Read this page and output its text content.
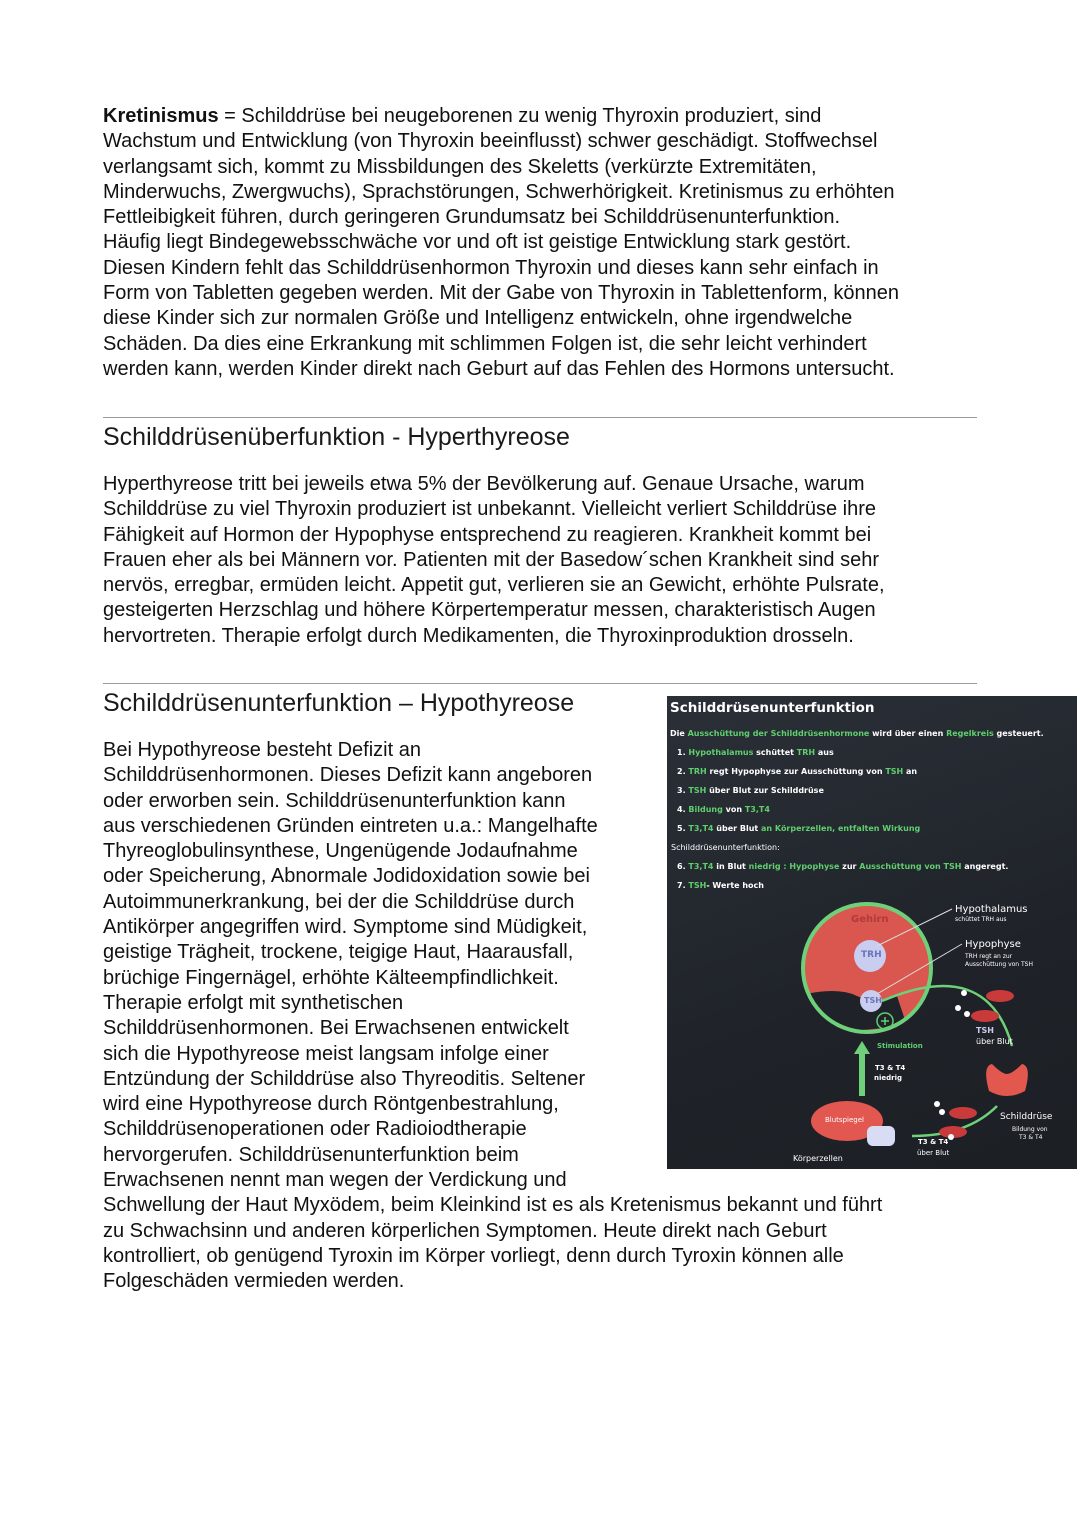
Kretinismus = Schilddrüse bei neugeborenen zu wenig Thyroxin produziert, sind
Wachstum und Entwicklung (von Thyroxin beeinflusst) schwer geschädigt. Stoffwechsel
verlangsamt sich, kommt zu Missbildungen des Skeletts (verkürzte Extremitäten,
Minderwuchs, Zwergwuchs), Sprachstörungen, Schwerhörigkeit. Kretinismus zu erhöhten
Fettleibigkeit führen, durch geringeren Grundumsatz bei Schilddrüsenunterfunktion.
Häufig liegt Bindegewebsschwäche vor und oft ist geistige Entwicklung stark gestört.
Diesen Kindern fehlt das Schilddrüsenhormon Thyroxin und dieses kann sehr einfach in
Form von Tabletten gegeben werden. Mit der Gabe von Thyroxin in Tablettenform, können
diese Kinder sich zur normalen Größe und Intelligenz entwickeln, ohne irgendwelche
Schäden. Da dies eine Erkrankung mit schlimmen Folgen ist, die sehr leicht verhindert
werden kann, werden Kinder direkt nach Geburt auf das Fehlen des Hormons untersucht.
Schilddrüsenüberfunktion - Hyperthyreose
Hyperthyreose tritt bei jeweils etwa 5% der Bevölkerung auf. Genaue Ursache, warum
Schilddrüse zu viel Thyroxin produziert ist unbekannt. Vielleicht verliert Schilddrüse ihre
Fähigkeit auf Hormon der Hypophyse entsprechend zu reagieren. Krankheit kommt bei
Frauen eher als bei Männern vor. Patienten mit der Basedow´schen Krankheit sind sehr
nervös, erregbar, ermüden leicht. Appetit gut, verlieren sie an Gewicht, erhöhte Pulsrate,
gesteigerten Herzschlag und höhere Körpertemperatur messen, charakteristisch Augen
hervortreten. Therapie erfolgt durch Medikamenten, die Thyroxinproduktion drosseln.
Schilddrüsenunterfunktion – Hypothyreose
Bei Hypothyreose besteht Defizit an
Schilddrüsenhormonen. Dieses Defizit kann angeboren
oder erworben sein. Schilddrüsenunterfunktion kann
aus verschiedenen Gründen eintreten u.a.: Mangelhafte
Thyreoglobulinsynthese, Ungenügende Jodaufnahme
oder Speicherung, Abnormale Jodidoxidation sowie bei
Autoimmunerkrankung, bei der die Schilddrüse durch
Antikörper angegriffen wird. Symptome sind Müdigkeit,
geistige Trägheit, trockene, teigige Haut, Haarausfall,
brüchige Fingernägel, erhöhte Kälteempfindlichkeit.
Therapie erfolgt mit synthetischen
Schilddrüsenhormonen. Bei Erwachsenen entwickelt
sich die Hypothyreose meist langsam infolge einer
Entzündung der Schilddrüse also Thyreoditis. Seltener
wird eine Hypothyreose durch Röntgenbestrahlung,
Schilddrüsenoperationen oder Radioiodtherapie
hervorgerufen. Schilddrüsenunterfunktion beim
Erwachsenen nennt man wegen der Verdickung und
Schwellung der Haut Myxödem, beim Kleinkind ist es als Kretenismus bekannt und führt
zu Schwachsinn und anderen körperlichen Symptomen. Heute direkt nach Geburt
kontrolliert, ob genügend Tyroxin im Körper vorliegt, denn durch Tyroxin können alle
Folgeschäden vermieden werden.
Schilddrüsenunterfunktion
Die Ausschüttung der Schilddrüsenhormone wird über einen Regelkreis gesteuert.
1. Hypothalamus schüttet TRH aus
2. TRH regt Hypophyse zur Ausschüttung von TSH an
3. TSH über Blut zur Schilddrüse
4. Bildung von T3,T4
5. T3,T4 über Blut an Körperzellen, entfalten Wirkung
Schilddrüsenunterfunktion:
6. T3,T4 in Blut niedrig : Hypophyse zur Ausschüttung von TSH angeregt.
7. TSH- Werte hoch
Gehirn
TRH
TSH
Hypothalamus
schüttet TRH aus
Hypophyse
TRH regt an zur
Ausschüttung von TSH
TSH
über Blut
Stimulation
T3 & T4
niedrig
Blutspiegel
Körperzellen
T3 & T4
über Blut
Schilddrüse
Bildung von
T3 & T4
